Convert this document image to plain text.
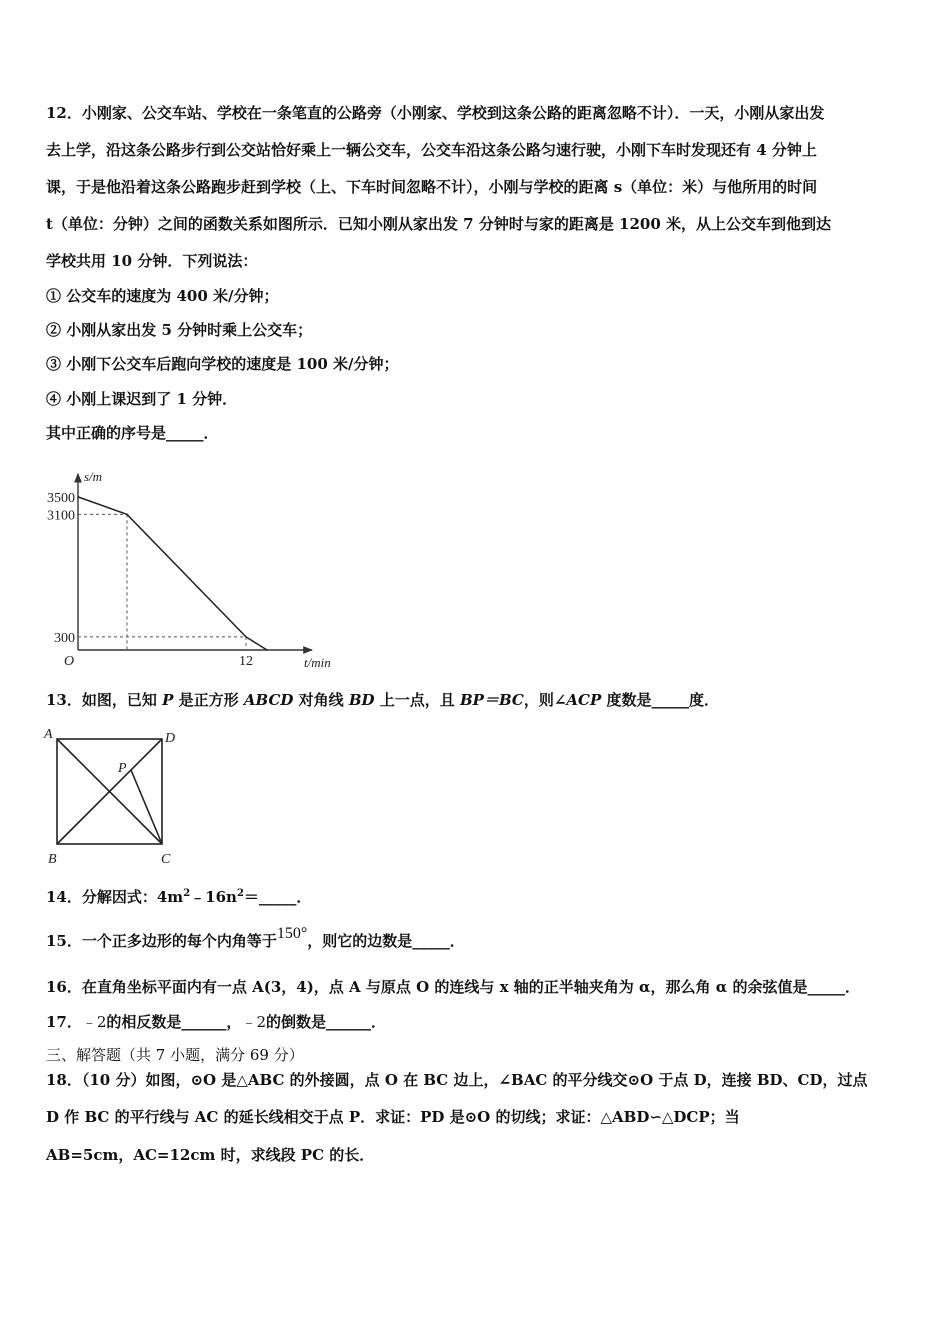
12．小刚家、公交车站、学校在一条笔直的公路旁（小刚家、学校到这条公路的距离忽略不计）．一天，小刚从家出发
去上学，沿这条公路步行到公交站恰好乘上一辆公交车，公交车沿这条公路匀速行驶，小刚下车时发现还有 4 分钟上
课，于是他沿着这条公路跑步赶到学校（上、下车时间忽略不计），小刚与学校的距离 s（单位：米）与他所用的时间
t（单位：分钟）之间的函数关系如图所示．已知小刚从家出发 7 分钟时与家的距离是 1200 米，从上公交车到他到达
学校共用 10 分钟．下列说法：
① 公交车的速度为 400 米/分钟；
② 小刚从家出发 5 分钟时乘上公交车；
③ 小刚下公交车后跑向学校的速度是 100 米/分钟；
④ 小刚上课迟到了 1 分钟．
其中正确的序号是_____．
3500
3100
300
12
O	t/min
s/m
13．如图，已知 P 是正方形 ABCD 对角线 BD 上一点，且 BP＝BC，则∠ACP 度数是_____度．
A	D
B	C
P
14．分解因式：$4m^2﹣16n^2=\_\_\_\_\_$．
15．一个正多边形的每个内角等于150°，则它的边数是_____．
16．在直角坐标平面内有一点 A(3，4)，点 A 与原点 O 的连线与 x 轴的正半轴夹角为 α，那么角 α 的余弦值是_____．
17．﹣2的相反数是______，﹣2的倒数是______．
三、解答题（共 7 小题，满分 69 分）
18．（10 分）如图，⊙O 是△ABC 的外接圆，点 O 在 BC 边上，∠BAC 的平分线交⊙O 于点 D，连接 BD、CD，过点
D 作 BC 的平行线与 AC 的延长线相交于点 P．求证：PD 是⊙O 的切线；求证：△ABD∽△DCP；当
AB=5cm，AC=12cm 时，求线段 PC 的长．
